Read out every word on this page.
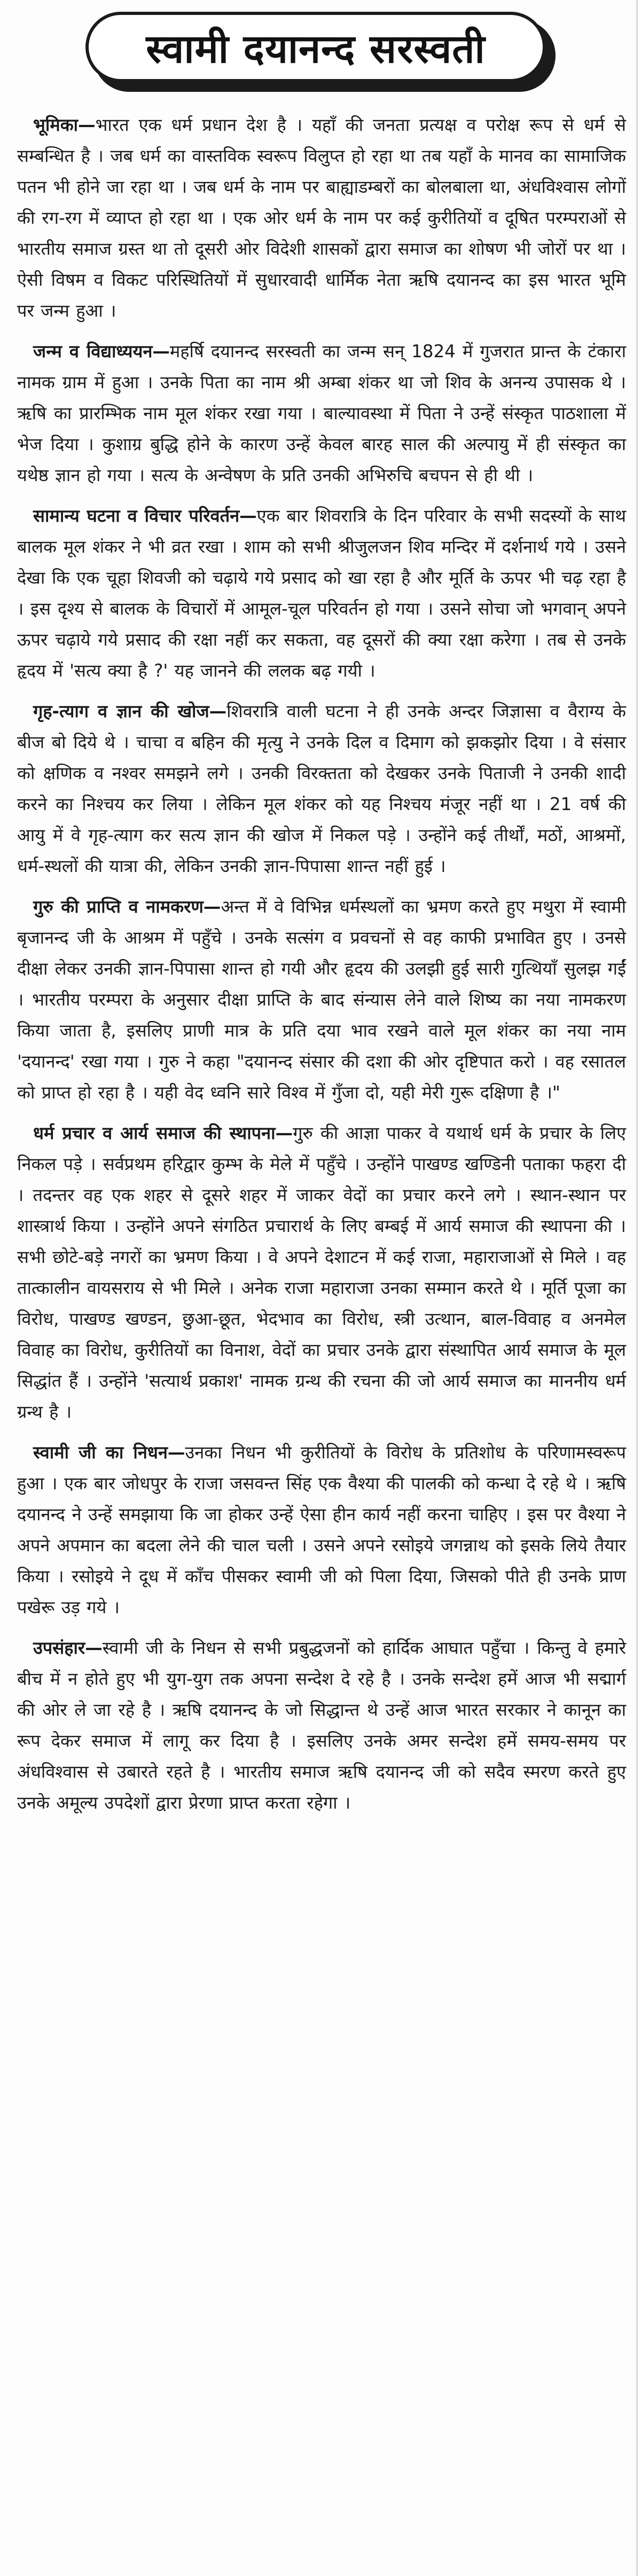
स्वामी दयानन्द सरस्वती

भूमिका—भारत एक धर्म प्रधान देश है । यहाँ की जनता प्रत्यक्ष व परोक्ष रूप से धर्म से सम्बन्धित है । जब धर्म का वास्तविक स्वरूप विलुप्त हो रहा था तब यहाँ के मानव का सामाजिक पतन भी होने जा रहा था । जब धर्म के नाम पर बाह्याडम्बरों का बोलबाला था, अंधविश्वास लोगों की रग-रग में व्याप्त हो रहा था । एक ओर धर्म के नाम पर कई कुरीतियों व दूषित परम्पराओं से भारतीय समाज ग्रस्त था तो दूसरी ओर विदेशी शासकों द्वारा समाज का शोषण भी जोरों पर था । ऐसी विषम व विकट परिस्थितियों में सुधारवादी धार्मिक नेता ऋषि दयानन्द का इस भारत भूमि पर जन्म हुआ ।

जन्म व विद्याध्ययन—महर्षि दयानन्द सरस्वती का जन्म सन् 1824 में गुजरात प्रान्त के टंकारा नामक ग्राम में हुआ । उनके पिता का नाम श्री अम्बा शंकर था जो शिव के अनन्य उपासक थे । ऋषि का प्रारम्भिक नाम मूल शंकर रखा गया । बाल्यावस्था में पिता ने उन्हें संस्कृत पाठशाला में भेज दिया । कुशाग्र बुद्धि होने के कारण उन्हें केवल बारह साल की अल्पायु में ही संस्कृत का यथेष्ठ ज्ञान हो गया । सत्य के अन्वेषण के प्रति उनकी अभिरुचि बचपन से ही थी ।

सामान्य घटना व विचार परिवर्तन—एक बार शिवरात्रि के दिन परिवार के सभी सदस्यों के साथ बालक मूल शंकर ने भी व्रत रखा । शाम को सभी श्रीजुलजन शिव मन्दिर में दर्शनार्थ गये । उसने देखा कि एक चूहा शिवजी को चढ़ाये गये प्रसाद को खा रहा है और मूर्ति के ऊपर भी चढ़ रहा है । इस दृश्य से बालक के विचारों में आमूल-चूल परिवर्तन हो गया । उसने सोचा जो भगवान् अपने ऊपर चढ़ाये गये प्रसाद की रक्षा नहीं कर सकता, वह दूसरों की क्या रक्षा करेगा । तब से उनके हृदय में 'सत्य क्या है ?' यह जानने की ललक बढ़ गयी ।

गृह-त्याग व ज्ञान की खोज—शिवरात्रि वाली घटना ने ही उनके अन्दर जिज्ञासा व वैराग्य के बीज बो दिये थे । चाचा व बहिन की मृत्यु ने उनके दिल व दिमाग को झकझोर दिया । वे संसार को क्षणिक व नश्वर समझने लगे । उनकी विरक्तता को देखकर उनके पिताजी ने उनकी शादी करने का निश्चय कर लिया । लेकिन मूल शंकर को यह निश्चय मंजूर नहीं था । 21 वर्ष की आयु में वे गृह-त्याग कर सत्य ज्ञान की खोज में निकल पड़े । उन्होंने कई तीर्थों, मठों, आश्रमों, धर्म-स्थलों की यात्रा की, लेकिन उनकी ज्ञान-पिपासा शान्त नहीं हुई ।

गुरु की प्राप्ति व नामकरण—अन्त में वे विभिन्न धर्मस्थलों का भ्रमण करते हुए मथुरा में स्वामी बृजानन्द जी के आश्रम में पहुँचे । उनके सत्संग व प्रवचनों से वह काफी प्रभावित हुए । उनसे दीक्षा लेकर उनकी ज्ञान-पिपासा शान्त हो गयी और हृदय की उलझी हुई सारी गुत्थियाँ सुलझ गईं । भारतीय परम्परा के अनुसार दीक्षा प्राप्ति के बाद संन्यास लेने वाले शिष्य का नया नामकरण किया जाता है, इसलिए प्राणी मात्र के प्रति दया भाव रखने वाले मूल शंकर का नया नाम 'दयानन्द' रखा गया । गुरु ने कहा "दयानन्द संसार की दशा की ओर दृष्टिपात करो । वह रसातल को प्राप्त हो रहा है । यही वेद ध्वनि सारे विश्व में गुँजा दो, यही मेरी गुरू दक्षिणा है ।"

धर्म प्रचार व आर्य समाज की स्थापना—गुरु की आज्ञा पाकर वे यथार्थ धर्म के प्रचार के लिए निकल पड़े । सर्वप्रथम हरिद्वार कुम्भ के मेले में पहुँचे । उन्होंने पाखण्ड खण्डिनी पताका फहरा दी । तदन्तर वह एक शहर से दूसरे शहर में जाकर वेदों का प्रचार करने लगे । स्थान-स्थान पर शास्त्रार्थ किया । उन्होंने अपने संगठित प्रचारार्थ के लिए बम्बई में आर्य समाज की स्थापना की । सभी छोटे-बड़े नगरों का भ्रमण किया । वे अपने देशाटन में कई राजा, महाराजाओं से मिले । वह तात्कालीन वायसराय से भी मिले । अनेक राजा महाराजा उनका सम्मान करते थे । मूर्ति पूजा का विरोध, पाखण्ड खण्डन, छुआ-छूत, भेदभाव का विरोध, स्त्री उत्थान, बाल-विवाह व अनमेल विवाह का विरोध, कुरीतियों का विनाश, वेदों का प्रचार उनके द्वारा संस्थापित आर्य समाज के मूल सिद्धांत हैं । उन्होंने 'सत्यार्थ प्रकाश' नामक ग्रन्थ की रचना की जो आर्य समाज का माननीय धर्म ग्रन्थ है ।

स्वामी जी का निधन—उनका निधन भी कुरीतियों के विरोध के प्रतिशोध के परिणामस्वरूप हुआ । एक बार जोधपुर के राजा जसवन्त सिंह एक वैश्या की पालकी को कन्धा दे रहे थे । ऋषि दयानन्द ने उन्हें समझाया कि जा होकर उन्हें ऐसा हीन कार्य नहीं करना चाहिए । इस पर वैश्या ने अपने अपमान का बदला लेने की चाल चली । उसने अपने रसोइये जगन्नाथ को इसके लिये तैयार किया । रसोइये ने दूध में काँच पीसकर स्वामी जी को पिला दिया, जिसको पीते ही उनके प्राण पखेरू उड़ गये ।

उपसंहार—स्वामी जी के निधन से सभी प्रबुद्धजनों को हार्दिक आघात पहुँचा । किन्तु वे हमारे बीच में न होते हुए भी युग-युग तक अपना सन्देश दे रहे है । उनके सन्देश हमें आज भी सद्मार्ग की ओर ले जा रहे है । ऋषि दयानन्द के जो सिद्धान्त थे उन्हें आज भारत सरकार ने कानून का रूप देकर समाज में लागू कर दिया है । इसलिए उनके अमर सन्देश हमें समय-समय पर अंधविश्वास से उबारते रहते है । भारतीय समाज ऋषि दयानन्द जी को सदैव स्मरण करते हुए उनके अमूल्य उपदेशों द्वारा प्रेरणा प्राप्त करता रहेगा ।
